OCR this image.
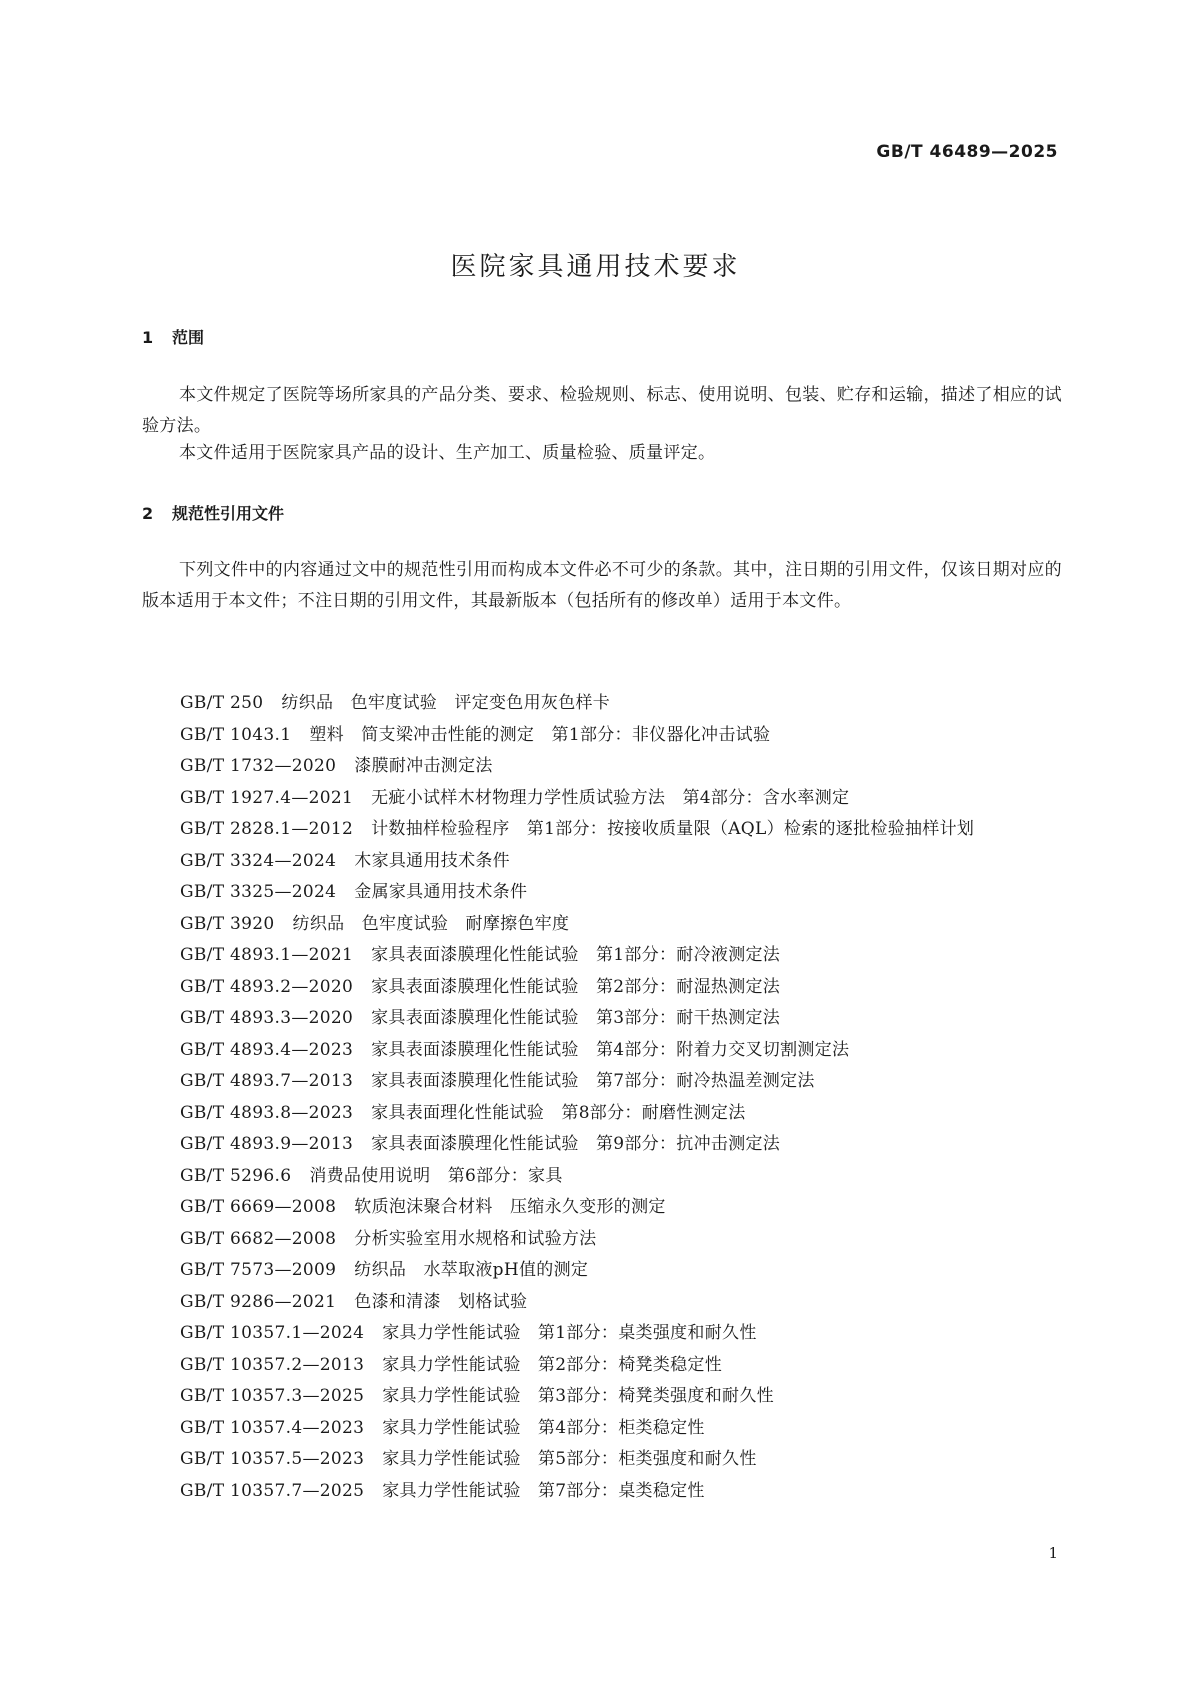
GB/T 46489—2025
医院家具通用技术要求
1 范围

本文件规定了医院等场所家具的产品分类、要求、检验规则、标志、使用说明、包装、贮存和运输，描述了相应的试验方法。

本文件适用于医院家具产品的设计、生产加工、质量检验、质量评定。

2 规范性引用文件

下列文件中的内容通过文中的规范性引用而构成本文件必不可少的条款。其中，注日期的引用文件，仅该日期对应的版本适用于本文件；不注日期的引用文件，其最新版本（包括所有的修改单）适用于本文件。

GB/T 250 纺织品　色牢度试验　评定变色用灰色样卡
GB/T 1043.1 塑料　简支梁冲击性能的测定　第1部分：非仪器化冲击试验
GB/T 1732—2020 漆膜耐冲击测定法
GB/T 1927.4—2021 无疵小试样木材物理力学性质试验方法　第4部分：含水率测定
GB/T 2828.1—2012 计数抽样检验程序　第1部分：按接收质量限（AQL）检索的逐批检验抽样计划
GB/T 3324—2024 木家具通用技术条件
GB/T 3325—2024 金属家具通用技术条件
GB/T 3920 纺织品　色牢度试验　耐摩擦色牢度
GB/T 4893.1—2021 家具表面漆膜理化性能试验　第1部分：耐冷液测定法
GB/T 4893.2—2020 家具表面漆膜理化性能试验　第2部分：耐湿热测定法
GB/T 4893.3—2020 家具表面漆膜理化性能试验　第3部分：耐干热测定法
GB/T 4893.4—2023 家具表面漆膜理化性能试验　第4部分：附着力交叉切割测定法
GB/T 4893.7—2013 家具表面漆膜理化性能试验　第7部分：耐冷热温差测定法
GB/T 4893.8—2023 家具表面理化性能试验　第8部分：耐磨性测定法
GB/T 4893.9—2013 家具表面漆膜理化性能试验　第9部分：抗冲击测定法
GB/T 5296.6 消费品使用说明　第6部分：家具
GB/T 6669—2008 软质泡沫聚合材料　压缩永久变形的测定
GB/T 6682—2008 分析实验室用水规格和试验方法
GB/T 7573—2009 纺织品　水萃取液pH值的测定
GB/T 9286—2021 色漆和清漆　划格试验
GB/T 10357.1—2024 家具力学性能试验　第1部分：桌类强度和耐久性
GB/T 10357.2—2013 家具力学性能试验　第2部分：椅凳类稳定性
GB/T 10357.3—2025 家具力学性能试验　第3部分：椅凳类强度和耐久性
GB/T 10357.4—2023 家具力学性能试验　第4部分：柜类稳定性
GB/T 10357.5—2023 家具力学性能试验　第5部分：柜类强度和耐久性
GB/T 10357.7—2025 家具力学性能试验　第7部分：桌类稳定性
1
